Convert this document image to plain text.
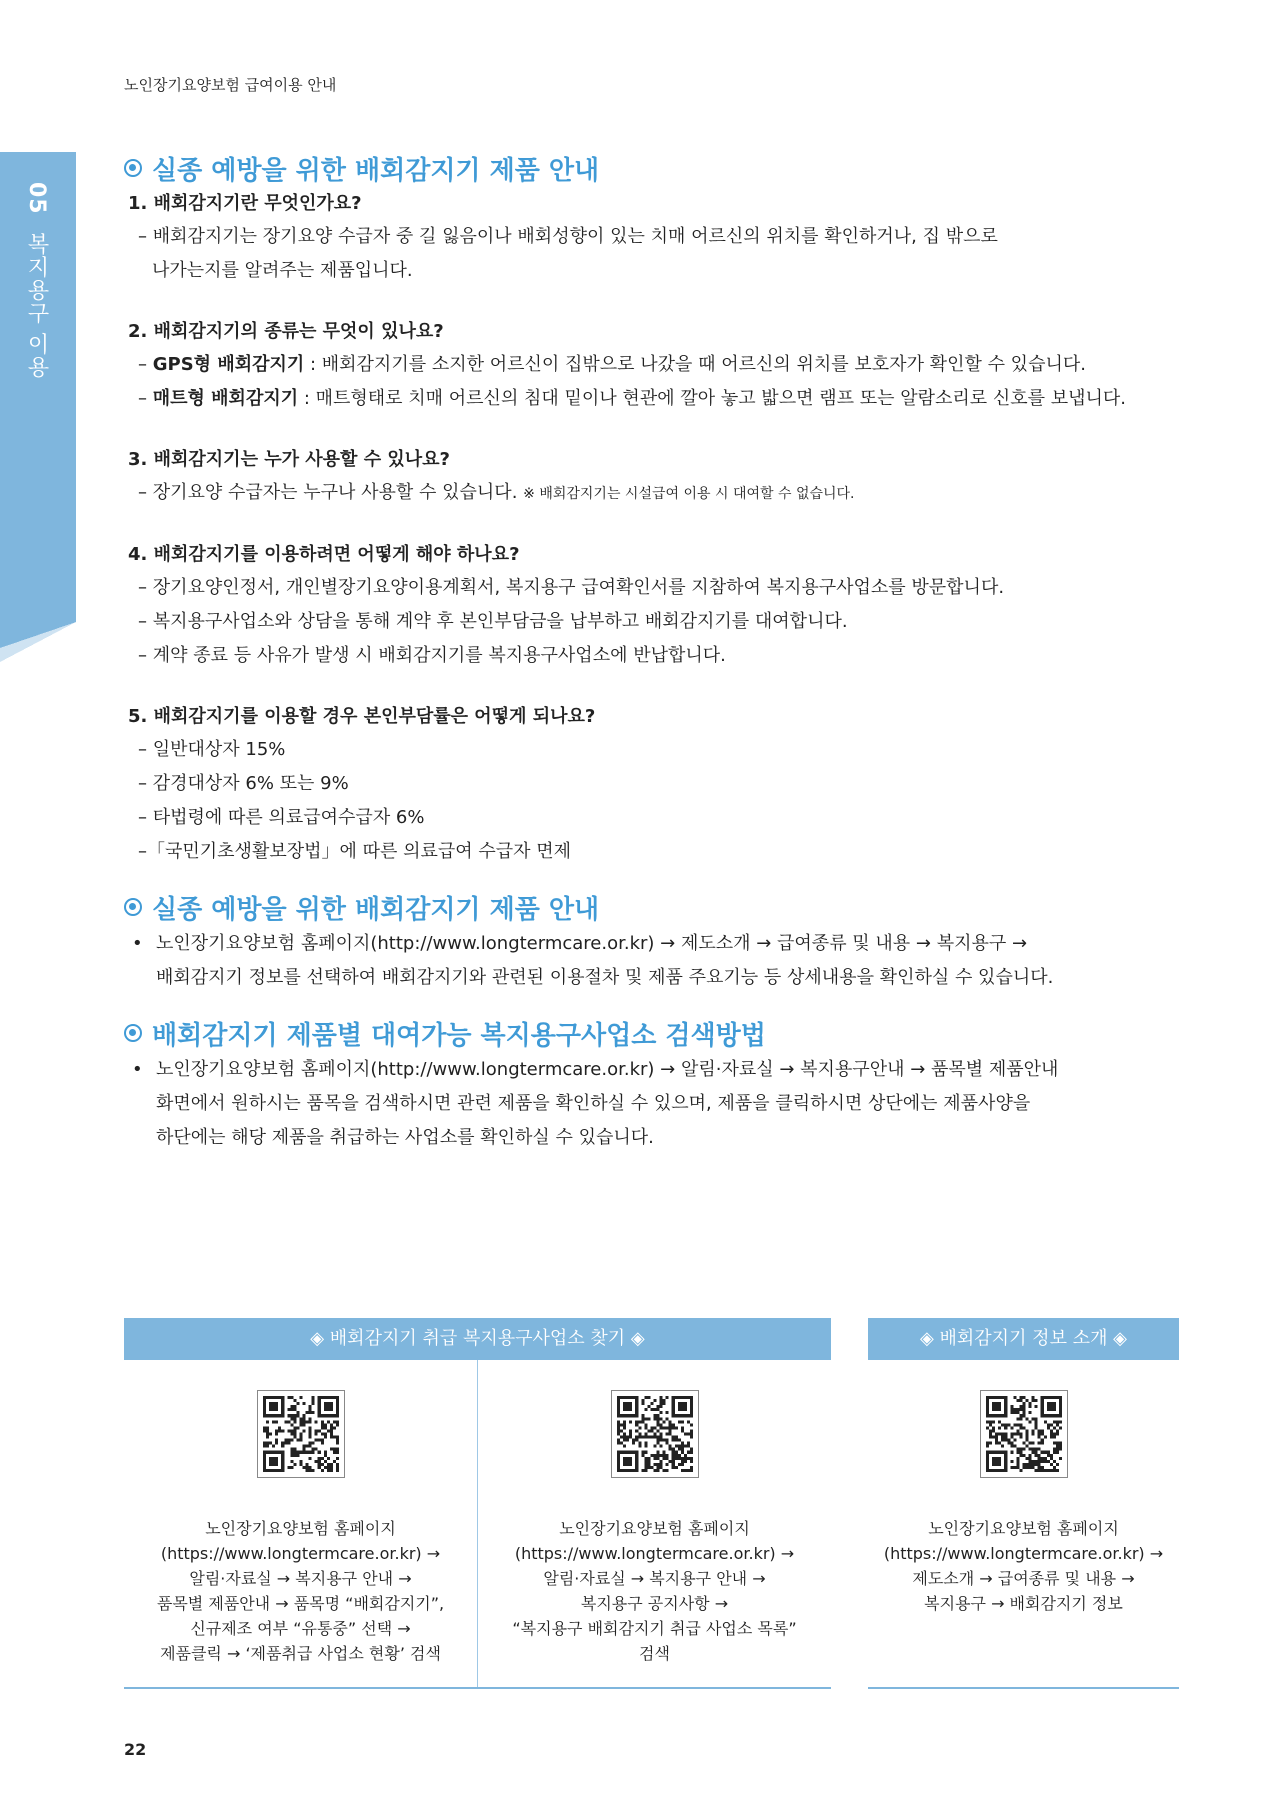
노인장기요양보험 급여이용 안내
05 복지용구 이용
실종 예방을 위한 배회감지기 제품 안내

1. 배회감지기란 무엇인가요?

– 배회감지기는 장기요양 수급자 중 길 잃음이나 배회성향이 있는 치매 어르신의 위치를 확인하거나, 집 밖으로

나가는지를 알려주는 제품입니다.

2. 배회감지기의 종류는 무엇이 있나요?

– GPS형 배회감지기 : 배회감지기를 소지한 어르신이 집밖으로 나갔을 때 어르신의 위치를 보호자가 확인할 수 있습니다.

– 매트형 배회감지기 : 매트형태로 치매 어르신의 침대 밑이나 현관에 깔아 놓고 밟으면 램프 또는 알람소리로 신호를 보냅니다.

3. 배회감지기는 누가 사용할 수 있나요?

– 장기요양 수급자는 누구나 사용할 수 있습니다. ※ 배회감지기는 시설급여 이용 시 대여할 수 없습니다.

4. 배회감지기를 이용하려면 어떻게 해야 하나요?

– 장기요양인정서, 개인별장기요양이용계획서, 복지용구 급여확인서를 지참하여 복지용구사업소를 방문합니다.

– 복지용구사업소와 상담을 통해 계약 후 본인부담금을 납부하고 배회감지기를 대여합니다.

– 계약 종료 등 사유가 발생 시 배회감지기를 복지용구사업소에 반납합니다.

5. 배회감지기를 이용할 경우 본인부담률은 어떻게 되나요?

– 일반대상자 15%

– 감경대상자 6% 또는 9%

– 타법령에 따른 의료급여수급자 6%

–「국민기초생활보장법」에 따른 의료급여 수급자 면제

실종 예방을 위한 배회감지기 제품 안내

• 노인장기요양보험 홈페이지(http://www.longtermcare.or.kr) → 제도소개 → 급여종류 및 내용 → 복지용구 →
배회감지기 정보를 선택하여 배회감지기와 관련된 이용절차 및 제품 주요기능 등 상세내용을 확인하실 수 있습니다.

배회감지기 제품별 대여가능 복지용구사업소 검색방법

• 노인장기요양보험 홈페이지(http://www.longtermcare.or.kr) → 알림·자료실 → 복지용구안내 → 품목별 제품안내
화면에서 원하시는 품목을 검색하시면 관련 제품을 확인하실 수 있으며, 제품을 클릭하시면 상단에는 제품사양을
하단에는 해당 제품을 취급하는 사업소를 확인하실 수 있습니다.

◈ 배회감지기 취급 복지용구사업소 찾기 ◈
노인장기요양보험 홈페이지
(https://www.longtermcare.or.kr) →
알림·자료실 → 복지용구 안내 →
품목별 제품안내 → 품목명 “배회감지기”,
신규제조 여부 “유통중” 선택 →
제품클릭 → ‘제품취급 사업소 현황’ 검색
노인장기요양보험 홈페이지
(https://www.longtermcare.or.kr) →
알림·자료실 → 복지용구 안내 →
복지용구 공지사항 →
“복지용구 배회감지기 취급 사업소 목록”
검색
◈ 배회감지기 정보 소개 ◈
노인장기요양보험 홈페이지
(https://www.longtermcare.or.kr) →
제도소개 → 급여종류 및 내용 →
복지용구 → 배회감지기 정보
22
